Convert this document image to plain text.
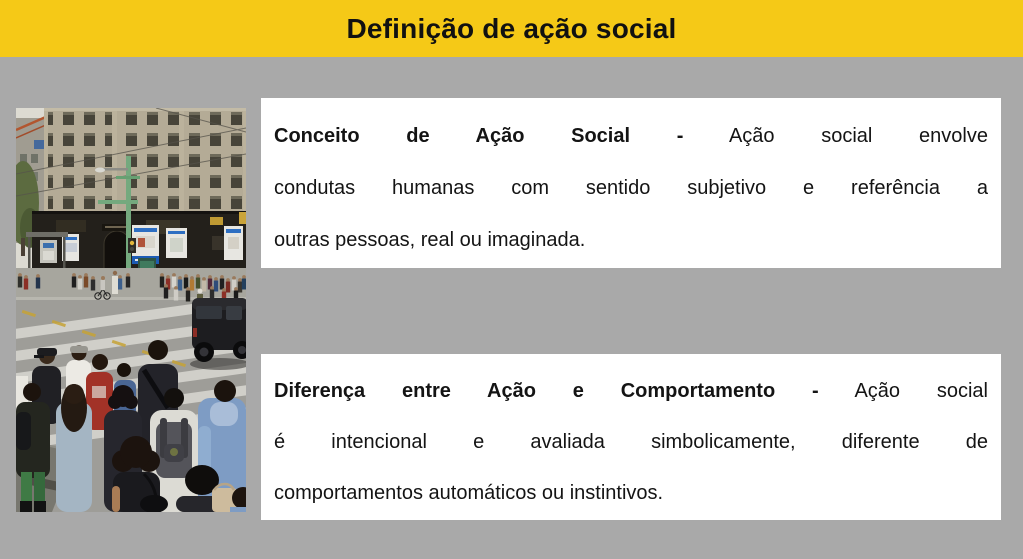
Definição de ação social
Conceito de Ação Social - Ação social envolve
condutas humanas com sentido subjetivo e referência a
outras pessoas, real ou imaginada.
Diferença entre Ação e Comportamento - Ação social
é intencional e avaliada simbolicamente, diferente de
comportamentos automáticos ou instintivos.
